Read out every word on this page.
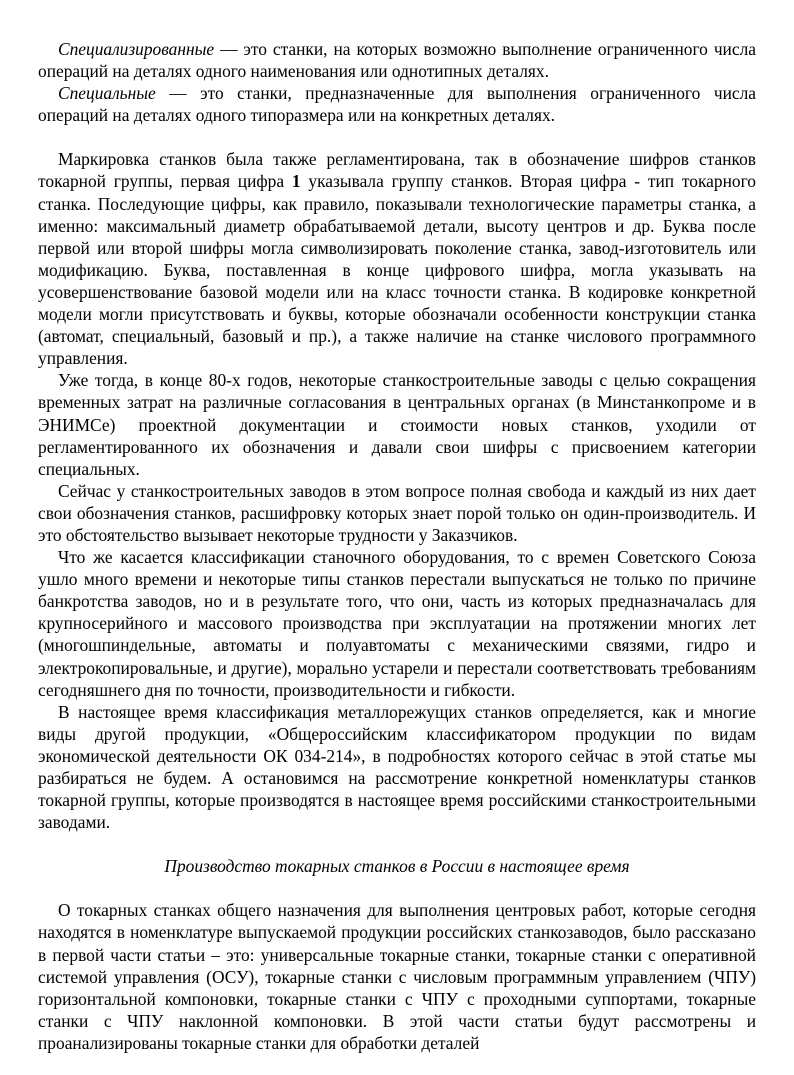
Специализированные — это станки, на которых возможно выполнение ограниченного числа операций на деталях одного наименования или однотипных деталях.

Специальные — это станки, предназначенные для выполнения ограниченного числа операций на деталях одного типоразмера или на конкретных деталях.

Маркировка станков была также регламентирована, так в обозначение шифров станков токарной группы, первая цифра 1 указывала группу станков. Вторая цифра - тип токарного станка. Последующие цифры, как правило, показывали технологические параметры станка, а именно: максимальный диаметр обрабатываемой детали, высоту центров и др. Буква после первой или второй шифры могла символизировать поколение станка, завод-изготовитель или модификацию. Буква, поставленная в конце цифрового шифра, могла указывать на усовершенствование базовой модели или на класс точности станка. В кодировке конкретной модели могли присутствовать и буквы, которые обозначали особенности конструкции станка (автомат, специальный, базовый и пр.), а также наличие на станке числового программного управления.

Уже тогда, в конце 80-х годов, некоторые станкостроительные заводы с целью сокращения временных затрат на различные согласования в центральных органах (в Минстанкопроме и в ЭНИМСе) проектной документации и стоимости новых станков, уходили от регламентированного их обозначения и давали свои шифры с присвоением категории специальных.

Сейчас у станкостроительных заводов в этом вопросе полная свобода и каждый из них дает свои обозначения станков, расшифровку которых знает порой только он один-производитель. И это обстоятельство вызывает некоторые трудности у Заказчиков.

Что же касается классификации станочного оборудования, то с времен Советского Союза ушло много времени и некоторые типы станков перестали выпускаться не только по причине банкротства заводов, но и в результате того, что они, часть из которых предназначалась для крупносерийного и массового производства при эксплуатации на протяжении многих лет (многошпиндельные, автоматы и полуавтоматы с механическими связями, гидро и электрокопировальные, и другие), морально устарели и перестали соответствовать требованиям сегодняшнего дня по точности, производительности и гибкости.

В настоящее время классификация металлорежущих станков определяется, как и многие виды другой продукции, «Общероссийским классификатором продукции по видам экономической деятельности ОК 034-214», в подробностях которого сейчас в этой статье мы разбираться не будем. А остановимся на рассмотрение конкретной номенклатуры станков токарной группы, которые производятся в настоящее время российскими станкостроительными заводами.

Производство токарных станков в России в настоящее время

О токарных станках общего назначения для выполнения центровых работ, которые сегодня находятся в номенклатуре выпускаемой продукции российских станкозаводов, было рассказано в первой части статьи – это: универсальные токарные станки, токарные станки с оперативной системой управления (ОСУ), токарные станки с числовым программным управлением (ЧПУ) горизонтальной компоновки, токарные станки с ЧПУ с проходными суппортами, токарные станки с ЧПУ наклонной компоновки. В этой части статьи будут рассмотрены и проанализированы токарные станки для обработки деталей
